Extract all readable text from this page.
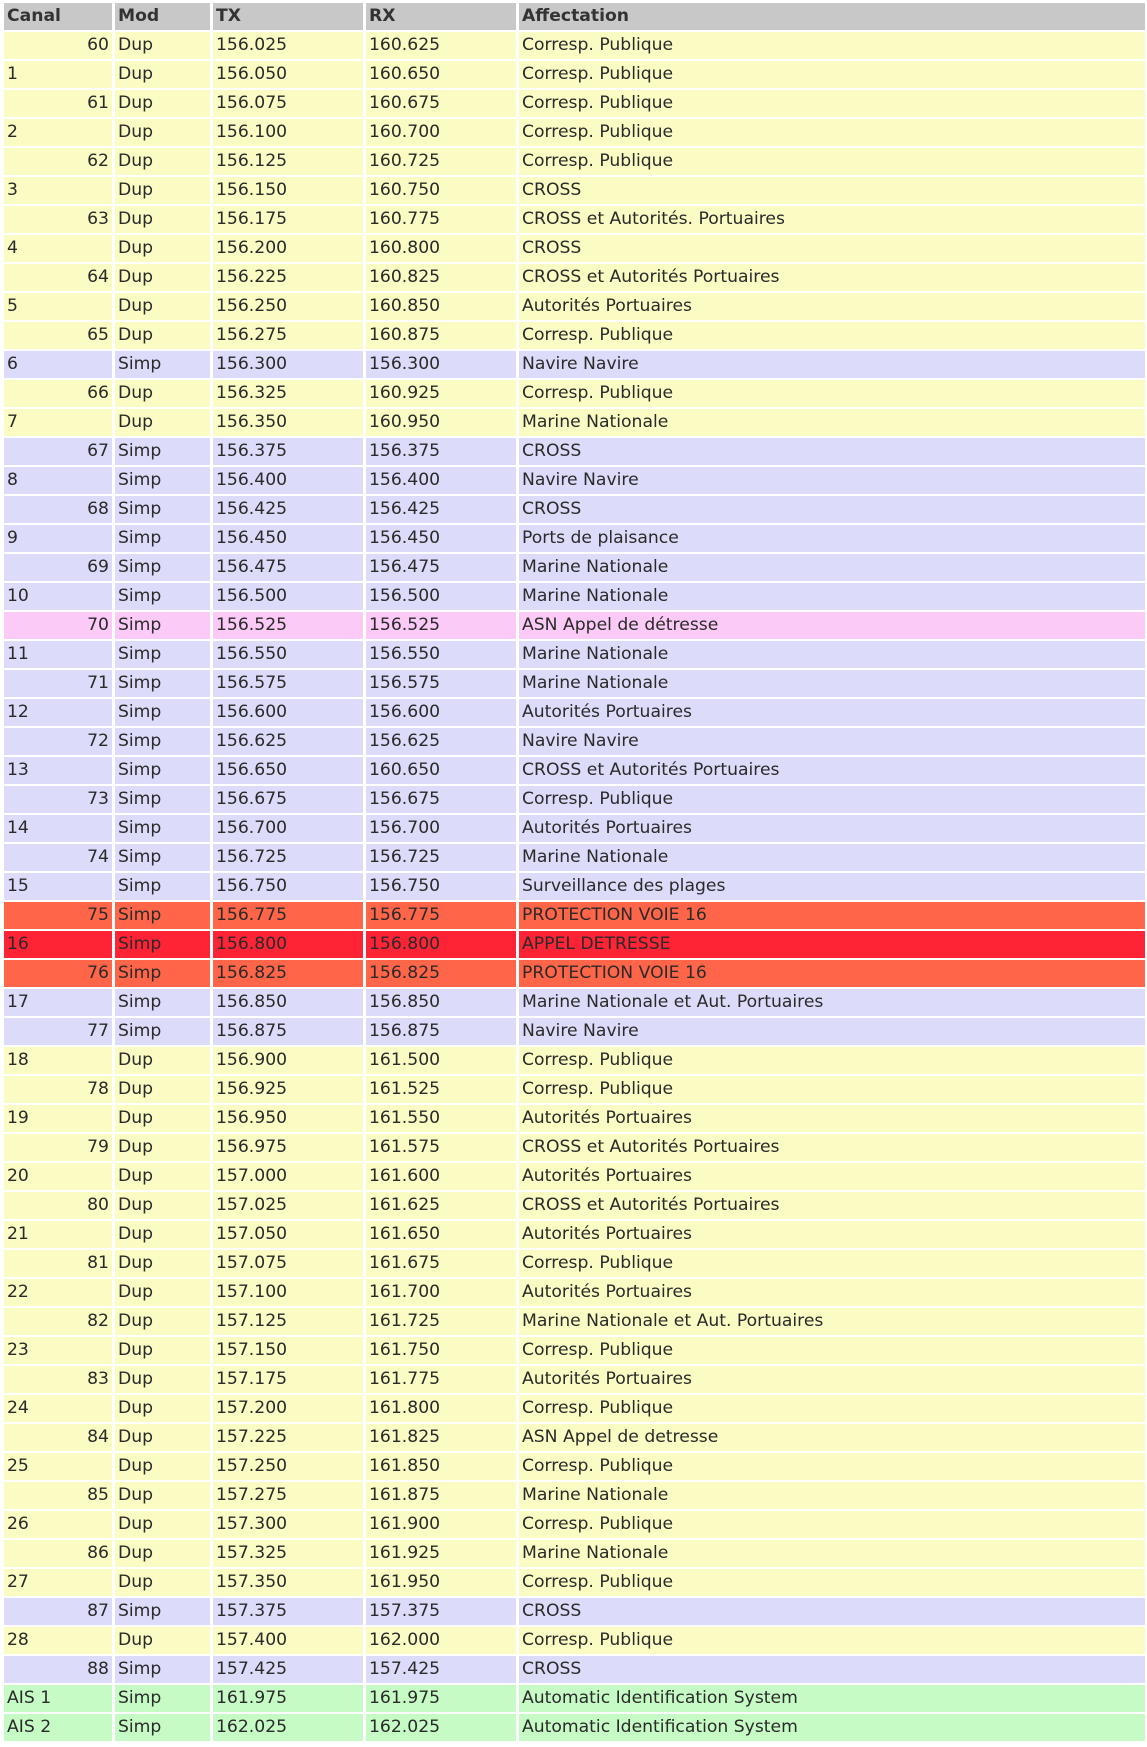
Canal	Mod	TX	RX	Affectation
60 Dup	156.025	160.625	Corresp. Publique
1	Dup	156.050	160.650	Corresp. Publique
61 Dup	156.075	160.675	Corresp. Publique
2	Dup	156.100	160.700	Corresp. Publique
62 Dup	156.125	160.725	Corresp. Publique
3	Dup	156.150	160.750	CROSS
63 Dup	156.175	160.775	CROSS et Autorités. Portuaires
4	Dup	156.200	160.800	CROSS
64 Dup	156.225	160.825	CROSS et Autorités Portuaires
5	Dup	156.250	160.850	Autorités Portuaires
65 Dup	156.275	160.875	Corresp. Publique
6	Simp	156.300	156.300	Navire Navire
66 Dup	156.325	160.925	Corresp. Publique
7	Dup	156.350	160.950	Marine Nationale
67 Simp	156.375	156.375	CROSS
8	Simp	156.400	156.400	Navire Navire
68 Simp	156.425	156.425	CROSS
9	Simp	156.450	156.450	Ports de plaisance
69 Simp	156.475	156.475	Marine Nationale
10	Simp	156.500	156.500	Marine Nationale
70 Simp	156.525	156.525	ASN Appel de détresse
11	Simp	156.550	156.550	Marine Nationale
71 Simp	156.575	156.575	Marine Nationale
12	Simp	156.600	156.600	Autorités Portuaires
72 Simp	156.625	156.625	Navire Navire
13	Simp	156.650	160.650	CROSS et Autorités Portuaires
73 Simp	156.675	156.675	Corresp. Publique
14	Simp	156.700	156.700	Autorités Portuaires
74 Simp	156.725	156.725	Marine Nationale
15	Simp	156.750	156.750	Surveillance des plages
75 Simp	156.775	156.775	PROTECTION VOIE 16
16	Simp	156.800	156.800	APPEL DETRESSE
76 Simp	156.825	156.825	PROTECTION VOIE 16
17	Simp	156.850	156.850	Marine Nationale et Aut. Portuaires
77 Simp	156.875	156.875	Navire Navire
18	Dup	156.900	161.500	Corresp. Publique
78 Dup	156.925	161.525	Corresp. Publique
19	Dup	156.950	161.550	Autorités Portuaires
79 Dup	156.975	161.575	CROSS et Autorités Portuaires
20	Dup	157.000	161.600	Autorités Portuaires
80 Dup	157.025	161.625	CROSS et Autorités Portuaires
21	Dup	157.050	161.650	Autorités Portuaires
81 Dup	157.075	161.675	Corresp. Publique
22	Dup	157.100	161.700	Autorités Portuaires
82 Dup	157.125	161.725	Marine Nationale et Aut. Portuaires
23	Dup	157.150	161.750	Corresp. Publique
83 Dup	157.175	161.775	Autorités Portuaires
24	Dup	157.200	161.800	Corresp. Publique
84 Dup	157.225	161.825	ASN Appel de detresse
25	Dup	157.250	161.850	Corresp. Publique
85 Dup	157.275	161.875	Marine Nationale
26	Dup	157.300	161.900	Corresp. Publique
86 Dup	157.325	161.925	Marine Nationale
27	Dup	157.350	161.950	Corresp. Publique
87 Simp	157.375	157.375	CROSS
28	Dup	157.400	162.000	Corresp. Publique
88 Simp	157.425	157.425	CROSS
AIS 1	Simp	161.975	161.975	Automatic Identification System
AIS 2	Simp	162.025	162.025	Automatic Identification System
